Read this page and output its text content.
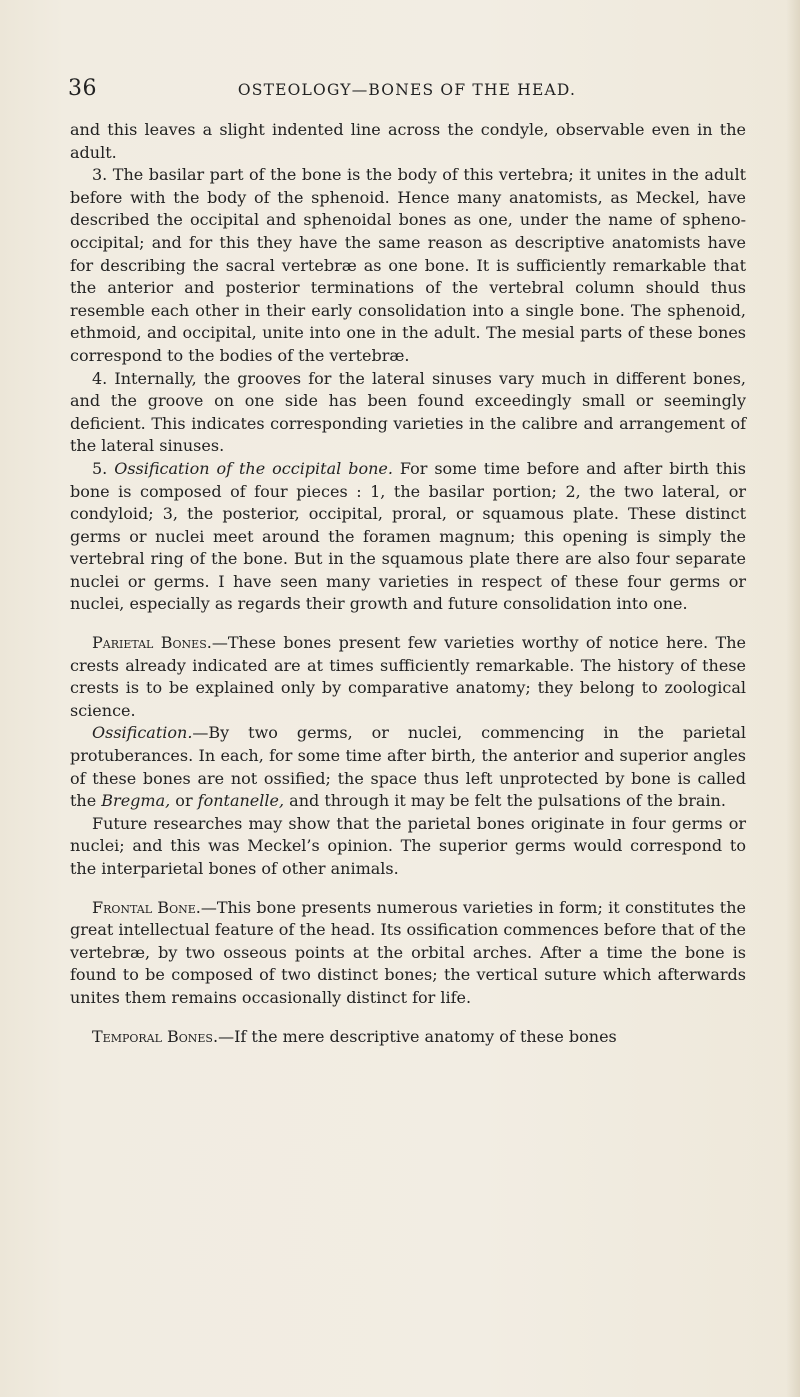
36	OSTEOLOGY—BONES OF THE HEAD.

and this leaves a slight indented line across the condyle, observable even in the adult.

3. The basilar part of the bone is the body of this vertebra; it unites in the adult before with the body of the sphenoid. Hence many anatomists, as Meckel, have described the occipital and sphenoidal bones as one, under the name of spheno-occipital; and for this they have the same reason as descriptive anatomists have for describing the sacral vertebræ as one bone. It is sufficiently remarkable that the anterior and posterior terminations of the vertebral column should thus resemble each other in their early consolidation into a single bone. The sphenoid, ethmoid, and occipital, unite into one in the adult. The mesial parts of these bones correspond to the bodies of the vertebræ.

4. Internally, the grooves for the lateral sinuses vary much in different bones, and the groove on one side has been found exceedingly small or seemingly deficient. This indicates corresponding varieties in the calibre and arrangement of the lateral sinuses.

5. Ossification of the occipital bone. For some time before and after birth this bone is composed of four pieces : 1, the basilar portion; 2, the two lateral, or condyloid; 3, the posterior, occipital, proral, or squamous plate. These distinct germs or nuclei meet around the foramen magnum; this opening is simply the vertebral ring of the bone. But in the squamous plate there are also four separate nuclei or germs. I have seen many varieties in respect of these four germs or nuclei, especially as regards their growth and future consolidation into one.

Parietal Bones.—These bones present few varieties worthy of notice here. The crests already indicated are at times sufficiently remarkable. The history of these crests is to be explained only by comparative anatomy; they belong to zoological science.

Ossification.—By two germs, or nuclei, commencing in the parietal protuberances. In each, for some time after birth, the anterior and superior angles of these bones are not ossified; the space thus left unprotected by bone is called the Bregma, or fontanelle, and through it may be felt the pulsations of the brain.

Future researches may show that the parietal bones originate in four germs or nuclei; and this was Meckel’s opinion. The superior germs would correspond to the interparietal bones of other animals.

Frontal Bone.—This bone presents numerous varieties in form; it constitutes the great intellectual feature of the head. Its ossification commences before that of the vertebræ, by two osseous points at the orbital arches. After a time the bone is found to be composed of two distinct bones; the vertical suture which afterwards unites them remains occasionally distinct for life.

Temporal Bones.—If the mere descriptive anatomy of these bones
